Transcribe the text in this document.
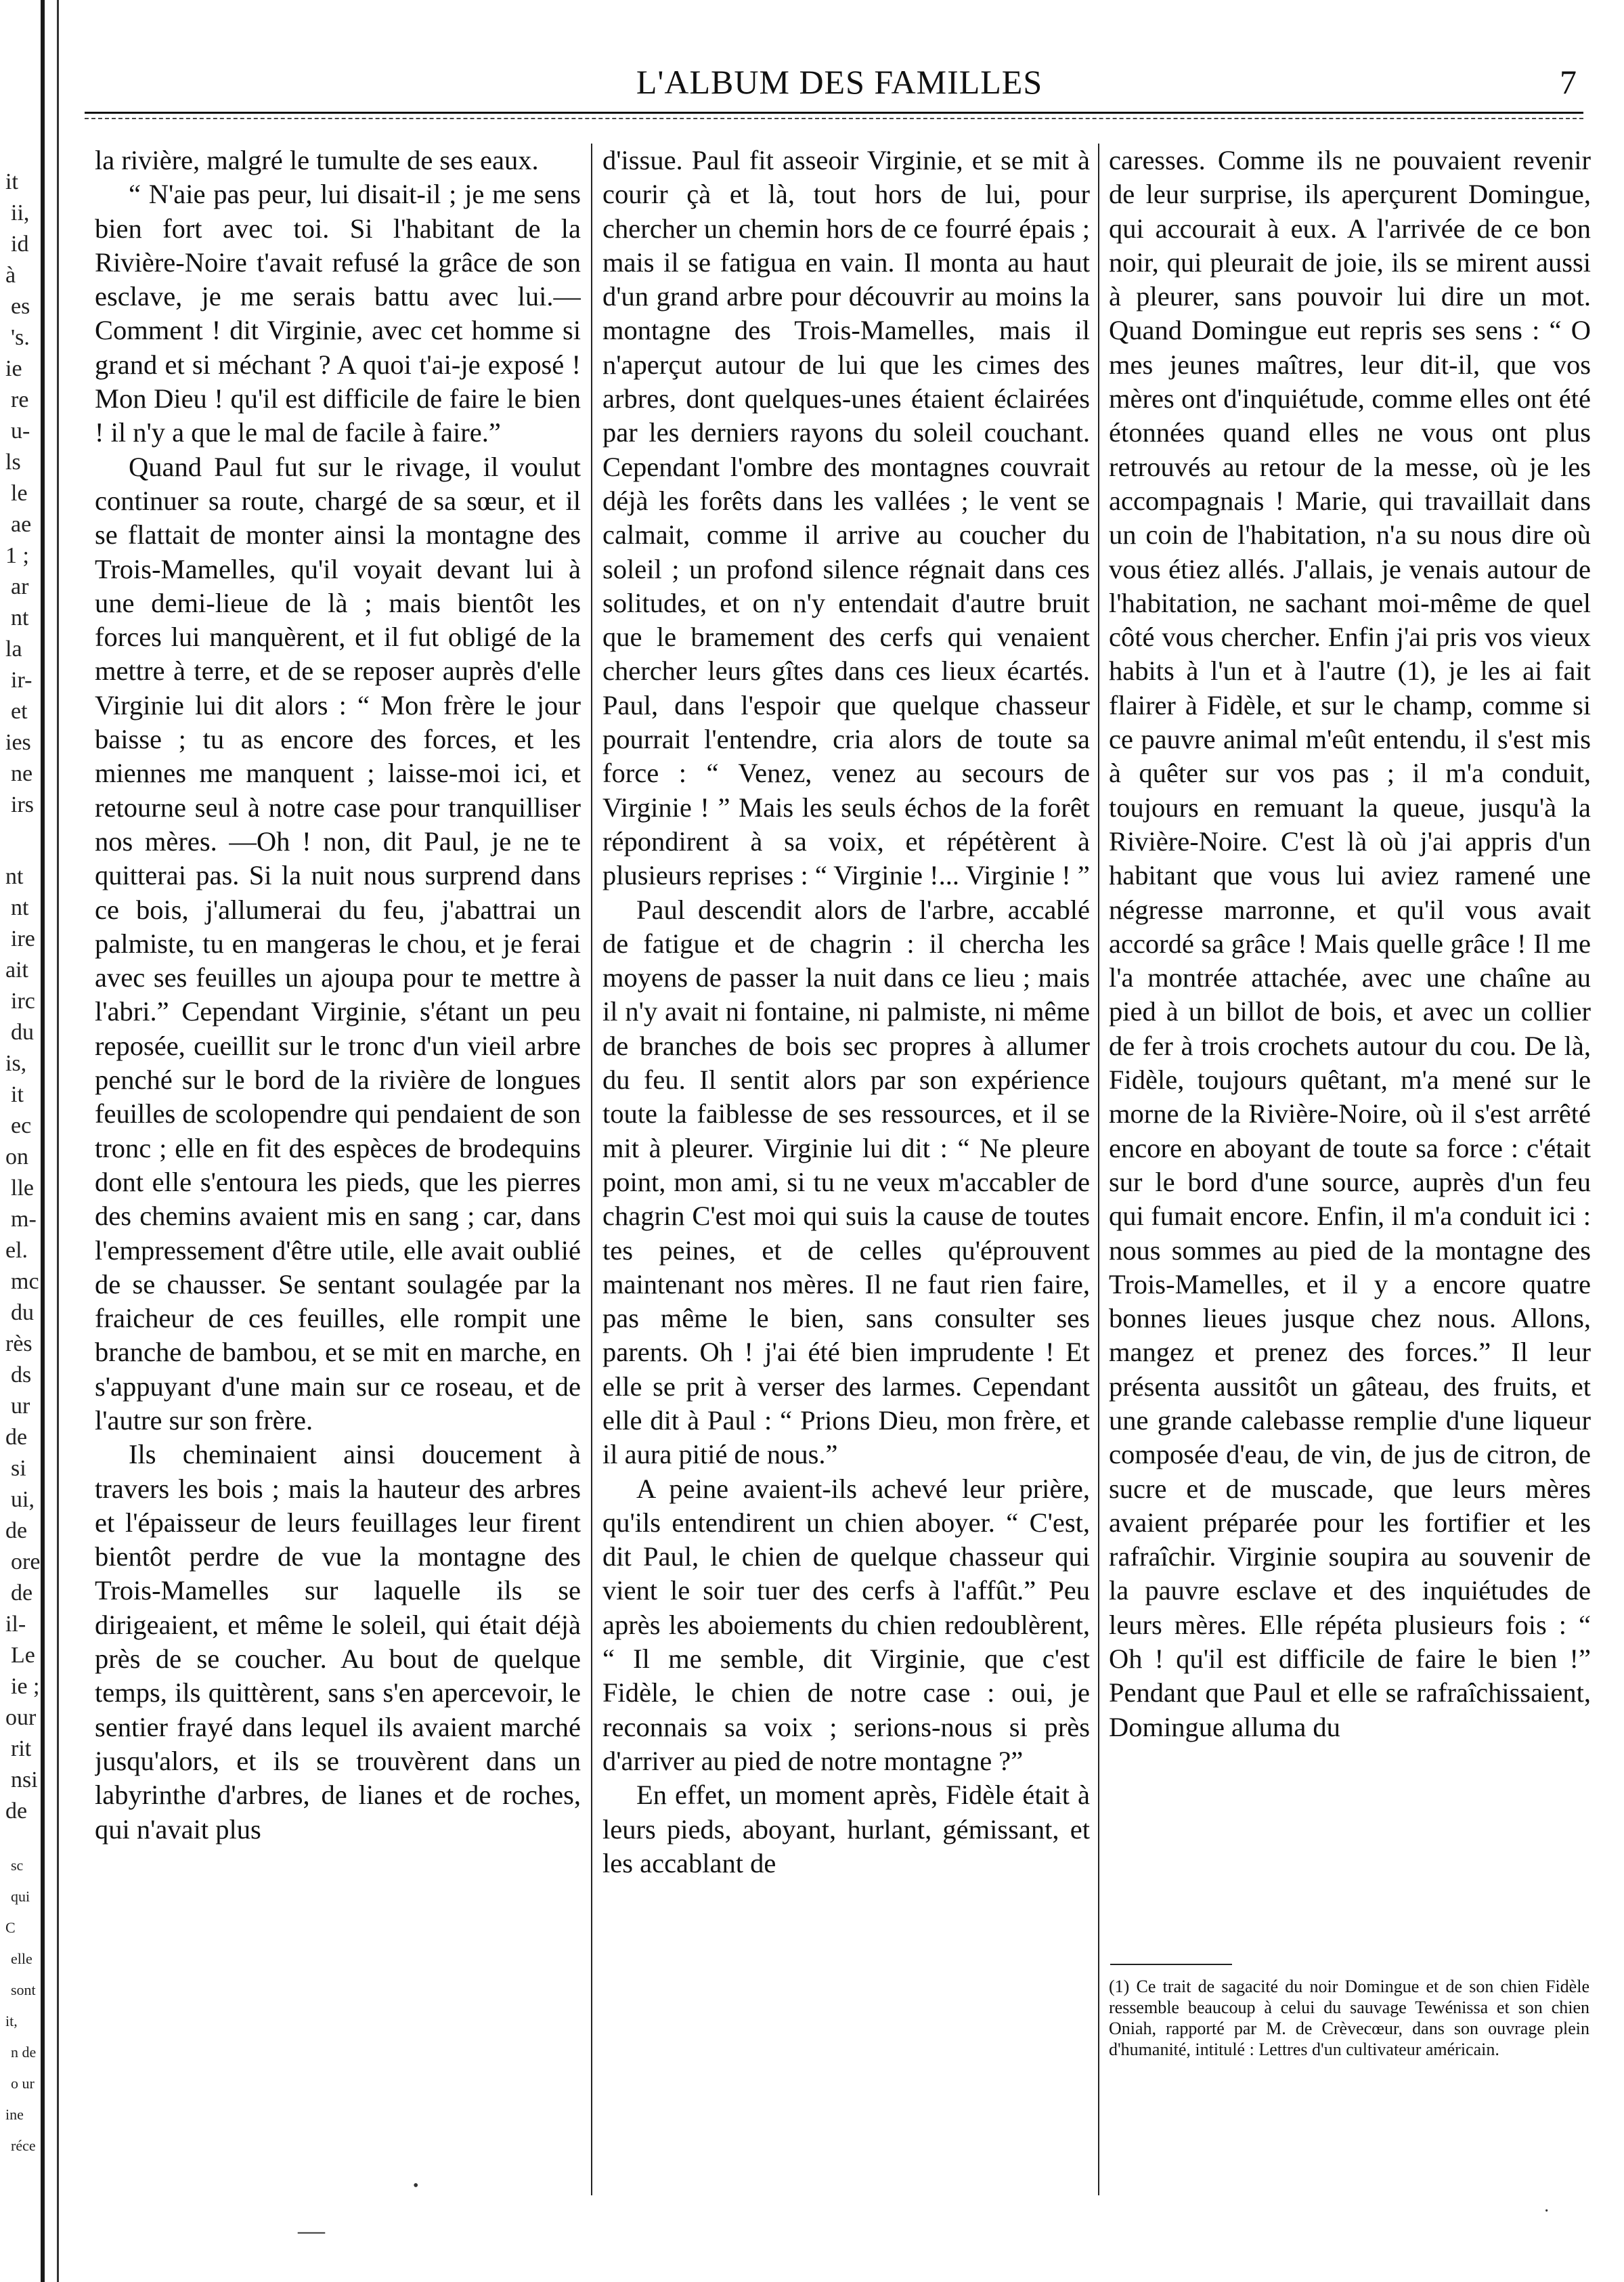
it
ii,
id
à
es
's.
ie
re
u-
ls
le
ae
1 ;
ar
nt
la
ir-
et
ies
ne
irs
nt
nt
ire
ait
irc
du
is,
it
ec
on
lle
m-
el.
mc
du
rès
ds
ur
de
si
ui,
de
ore
de
il-
Le
ie ;
our
rit
nsi
de
sc
qui
C
elle
sont
it,
n de
o ur
ine
réce
L'ALBUM DES FAMILLES	7

la rivière, malgré le tumulte de ses eaux.

“ N'aie pas peur, lui disait-il ; je me sens bien fort avec toi. Si l'habitant de la Rivière-Noire t'avait refusé la grâce de son esclave, je me serais battu avec lui.—Comment ! dit Virginie, avec cet homme si grand et si méchant ? A quoi t'ai-je exposé ! Mon Dieu ! qu'il est difficile de faire le bien ! il n'y a que le mal de facile à faire.”

Quand Paul fut sur le rivage, il voulut continuer sa route, chargé de sa sœur, et il se flattait de monter ainsi la montagne des Trois-Mamelles, qu'il voyait devant lui à une demi-lieue de là ; mais bientôt les forces lui manquèrent, et il fut obligé de la mettre à terre, et de se reposer auprès d'elle Virginie lui dit alors : “ Mon frère le jour baisse ; tu as encore des forces, et les miennes me manquent ; laisse-moi ici, et retourne seul à notre case pour tranquilliser nos mères. —Oh ! non, dit Paul, je ne te quitterai pas. Si la nuit nous surprend dans ce bois, j'allumerai du feu, j'abattrai un palmiste, tu en mangeras le chou, et je ferai avec ses feuilles un ajoupa pour te mettre à l'abri.” Cependant Virginie, s'étant un peu reposée, cueillit sur le tronc d'un vieil arbre penché sur le bord de la rivière de longues feuilles de scolopendre qui pendaient de son tronc ; elle en fit des espèces de brodequins dont elle s'entoura les pieds, que les pierres des chemins avaient mis en sang ; car, dans l'empressement d'être utile, elle avait oublié de se chausser. Se sentant soulagée par la fraicheur de ces feuilles, elle rompit une branche de bambou, et se mit en marche, en s'appuyant d'une main sur ce roseau, et de l'autre sur son frère.

Ils cheminaient ainsi doucement à travers les bois ; mais la hauteur des arbres et l'épaisseur de leurs feuillages leur firent bientôt perdre de vue la montagne des Trois-Mamelles sur laquelle ils se dirigeaient, et même le soleil, qui était déjà près de se coucher. Au bout de quelque temps, ils quittèrent, sans s'en apercevoir, le sentier frayé dans lequel ils avaient marché jusqu'alors, et ils se trouvèrent dans un labyrinthe d'arbres, de lianes et de roches, qui n'avait plus

d'issue. Paul fit asseoir Virginie, et se mit à courir çà et là, tout hors de lui, pour chercher un chemin hors de ce fourré épais ; mais il se fatigua en vain. Il monta au haut d'un grand arbre pour découvrir au moins la montagne des Trois-Mamelles, mais il n'aperçut autour de lui que les cimes des arbres, dont quelques-unes étaient éclairées par les derniers rayons du soleil couchant. Cependant l'ombre des montagnes couvrait déjà les forêts dans les vallées ; le vent se calmait, comme il arrive au coucher du soleil ; un profond silence régnait dans ces solitudes, et on n'y entendait d'autre bruit que le bramement des cerfs qui venaient chercher leurs gîtes dans ces lieux écartés. Paul, dans l'espoir que quelque chasseur pourrait l'entendre, cria alors de toute sa force : “ Venez, venez au secours de Virginie ! ” Mais les seuls échos de la forêt répondirent à sa voix, et répétèrent à plusieurs reprises : “ Virginie !... Virginie ! ”

Paul descendit alors de l'arbre, accablé de fatigue et de chagrin : il chercha les moyens de passer la nuit dans ce lieu ; mais il n'y avait ni fontaine, ni palmiste, ni même de branches de bois sec propres à allumer du feu. Il sentit alors par son expérience toute la faiblesse de ses ressources, et il se mit à pleurer. Virginie lui dit : “ Ne pleure point, mon ami, si tu ne veux m'accabler de chagrin C'est moi qui suis la cause de toutes tes peines, et de celles qu'éprouvent maintenant nos mères. Il ne faut rien faire, pas même le bien, sans consulter ses parents. Oh ! j'ai été bien imprudente ! Et elle se prit à verser des larmes. Cependant elle dit à Paul : “ Prions Dieu, mon frère, et il aura pitié de nous.”

A peine avaient-ils achevé leur prière, qu'ils entendirent un chien aboyer. “ C'est, dit Paul, le chien de quelque chasseur qui vient le soir tuer des cerfs à l'affût.” Peu après les aboiements du chien redoublèrent, “ Il me semble, dit Virginie, que c'est Fidèle, le chien de notre case : oui, je reconnais sa voix ; serions-nous si près d'arriver au pied de notre montagne ?”

En effet, un moment après, Fidèle était à leurs pieds, aboyant, hurlant, gémissant, et les accablant de

caresses. Comme ils ne pouvaient revenir de leur surprise, ils aperçurent Domingue, qui accourait à eux. A l'arrivée de ce bon noir, qui pleurait de joie, ils se mirent aussi à pleurer, sans pouvoir lui dire un mot. Quand Domingue eut repris ses sens : “ O mes jeunes maîtres, leur dit-il, que vos mères ont d'inquiétude, comme elles ont été étonnées quand elles ne vous ont plus retrouvés au retour de la messe, où je les accompagnais ! Marie, qui travaillait dans un coin de l'habitation, n'a su nous dire où vous étiez allés. J'allais, je venais autour de l'habitation, ne sachant moi-même de quel côté vous chercher. Enfin j'ai pris vos vieux habits à l'un et à l'autre (1), je les ai fait flairer à Fidèle, et sur le champ, comme si ce pauvre animal m'eût entendu, il s'est mis à quêter sur vos pas ; il m'a conduit, toujours en remuant la queue, jusqu'à la Rivière-Noire. C'est là où j'ai appris d'un habitant que vous lui aviez ramené une négresse marronne, et qu'il vous avait accordé sa grâce ! Mais quelle grâce ! Il me l'a montrée attachée, avec une chaîne au pied à un billot de bois, et avec un collier de fer à trois crochets autour du cou. De là, Fidèle, toujours quêtant, m'a mené sur le morne de la Rivière-Noire, où il s'est arrêté encore en aboyant de toute sa force : c'était sur le bord d'une source, auprès d'un feu qui fumait encore. Enfin, il m'a conduit ici : nous sommes au pied de la montagne des Trois-Mamelles, et il y a encore quatre bonnes lieues jusque chez nous. Allons, mangez et prenez des forces.” Il leur présenta aussitôt un gâteau, des fruits, et une grande calebasse remplie d'une liqueur composée d'eau, de vin, de jus de citron, de sucre et de muscade, que leurs mères avaient préparée pour les fortifier et les rafraîchir. Virginie soupira au souvenir de la pauvre esclave et des inquiétudes de leurs mères. Elle répéta plusieurs fois : “ Oh ! qu'il est difficile de faire le bien !” Pendant que Paul et elle se rafraîchissaient, Domingue alluma du

(1) Ce trait de sagacité du noir Domingue et de son chien Fidèle ressemble beaucoup à celui du sauvage Tewénissa et son chien Oniah, rapporté par M. de Crèvecœur, dans son ouvrage plein d'humanité, intitulé : Lettres d'un cultivateur américain.
—
•
·
